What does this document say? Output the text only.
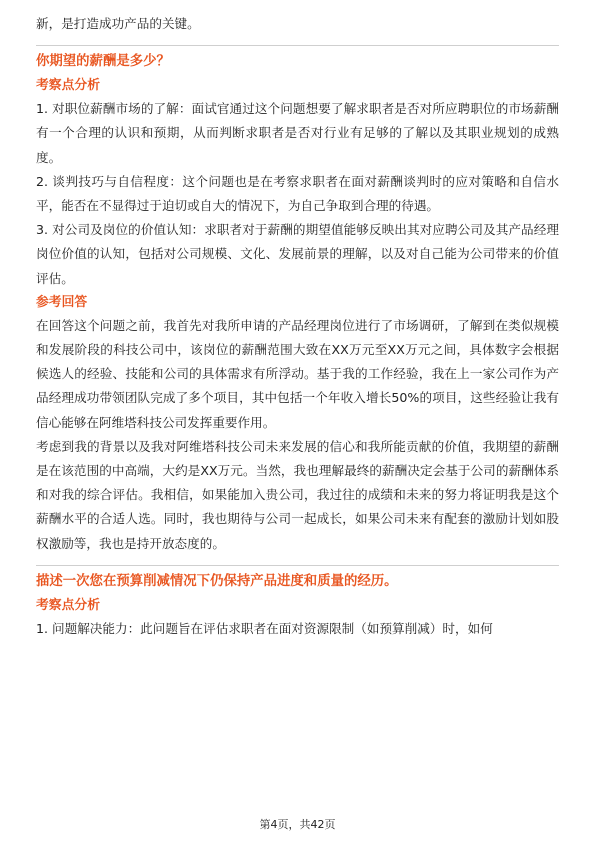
新，是打造成功产品的关键。

你期望的薪酬是多少？
考察点分析

1. 对职位薪酬市场的了解：面试官通过这个问题想要了解求职者是否对所应聘职位的市场薪酬有一个合理的认识和预期，从而判断求职者是否对行业有足够的了解以及其职业规划的成熟度。

2. 谈判技巧与自信程度：这个问题也是在考察求职者在面对薪酬谈判时的应对策略和自信水平，能否在不显得过于迫切或自大的情况下，为自己争取到合理的待遇。

3. 对公司及岗位的价值认知：求职者对于薪酬的期望值能够反映出其对应聘公司及其产品经理岗位价值的认知，包括对公司规模、文化、发展前景的理解，以及对自己能为公司带来的价值评估。

参考回答

在回答这个问题之前，我首先对我所申请的产品经理岗位进行了市场调研，了解到在类似规模和发展阶段的科技公司中，该岗位的薪酬范围大致在XX万元至XX万元之间，具体数字会根据候选人的经验、技能和公司的具体需求有所浮动。基于我的工作经验，我在上一家公司作为产品经理成功带领团队完成了多个项目，其中包括一个年收入增长50%的项目，这些经验让我有信心能够在阿维塔科技公司发挥重要作用。

考虑到我的背景以及我对阿维塔科技公司未来发展的信心和我所能贡献的价值，我期望的薪酬是在该范围的中高端，大约是XX万元。当然，我也理解最终的薪酬决定会基于公司的薪酬体系和对我的综合评估。我相信，如果能加入贵公司，我过往的成绩和未来的努力将证明我是这个薪酬水平的合适人选。同时，我也期待与公司一起成长，如果公司未来有配套的激励计划如股权激励等，我也是持开放态度的。

描述一次您在预算削减情况下仍保持产品进度和质量的经历。
考察点分析

1. 问题解决能力：此问题旨在评估求职者在面对资源限制（如预算削减）时，如何

第4页，共42页
